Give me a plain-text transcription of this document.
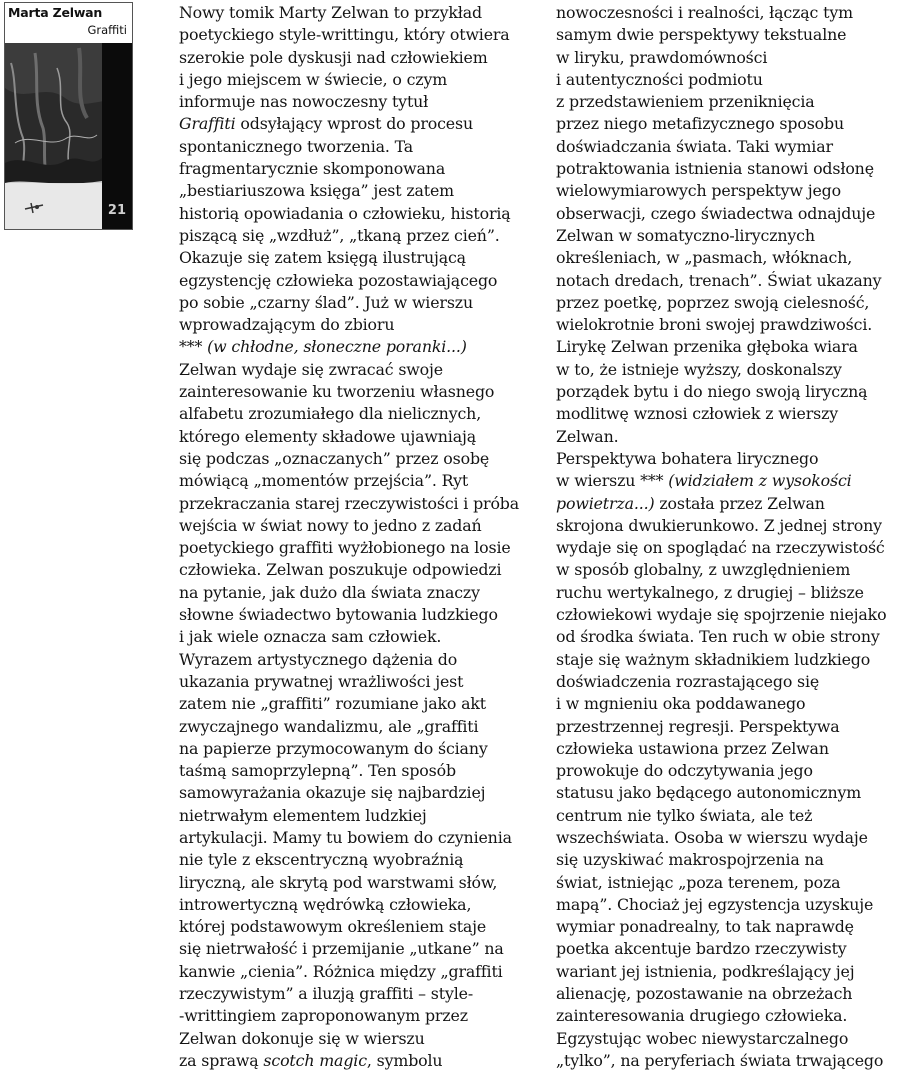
Marta Zelwan

Graffiti

21

Nowy tomik Marty Zelwan to przykład
poetyckiego style-writtingu, który otwiera
szerokie pole dyskusji nad człowiekiem
i jego miejscem w świecie, o czym
informuje nas nowoczesny tytuł
Graffiti odsyłający wprost do procesu
spontanicznego tworzenia. Ta
fragmentarycznie skomponowana
„bestiariuszowa księga” jest zatem
historią opowiadania o człowieku, historią
piszącą się „wzdłuż”, „tkaną przez cień”.
Okazuje się zatem księgą ilustrującą
egzystencję człowieka pozostawiającego
po sobie „czarny ślad”. Już w wierszu
wprowadzającym do zbioru
*** (w chłodne, słoneczne poranki...)
Zelwan wydaje się zwracać swoje
zainteresowanie ku tworzeniu własnego
alfabetu zrozumiałego dla nielicznych,
którego elementy składowe ujawniają
się podczas „oznaczanych” przez osobę
mówiącą „momentów przejścia”. Ryt
przekraczania starej rzeczywistości i próba
wejścia w świat nowy to jedno z zadań
poetyckiego graffiti wyżłobionego na losie
człowieka. Zelwan poszukuje odpowiedzi
na pytanie, jak dużo dla świata znaczy
słowne świadectwo bytowania ludzkiego
i jak wiele oznacza sam człowiek.
Wyrazem artystycznego dążenia do
ukazania prywatnej wrażliwości jest
zatem nie „graffiti” rozumiane jako akt
zwyczajnego wandalizmu, ale „graffiti
na papierze przymocowanym do ściany
taśmą samoprzylepną”. Ten sposób
samowyrażania okazuje się najbardziej
nietrwałym elementem ludzkiej
artykulacji. Mamy tu bowiem do czynienia
nie tyle z ekscentryczną wyobraźnią
liryczną, ale skrytą pod warstwami słów,
introwertyczną wędrówką człowieka,
której podstawowym określeniem staje
się nietrwałość i przemijanie „utkane” na
kanwie „cienia”. Różnica między „graffiti
rzeczywistym” a iluzją graffiti – style-
-writtingiem zaproponowanym przez
Zelwan dokonuje się w wierszu
za sprawą scotch magic, symbolu
nowoczesności i realności, łącząc tym
samym dwie perspektywy tekstualne
w liryku, prawdomówności
i autentyczności podmiotu
z przedstawieniem przeniknięcia
przez niego metafizycznego sposobu
doświadczania świata. Taki wymiar
potraktowania istnienia stanowi odsłonę
wielowymiarowych perspektyw jego
obserwacji, czego świadectwa odnajduje
Zelwan w somatyczno-lirycznych
określeniach, w „pasmach, włóknach,
notach dredach, trenach”. Świat ukazany
przez poetkę, poprzez swoją cielesność,
wielokrotnie broni swojej prawdziwości.
Lirykę Zelwan przenika głęboka wiara
w to, że istnieje wyższy, doskonalszy
porządek bytu i do niego swoją liryczną
modlitwę wznosi człowiek z wierszy
Zelwan.
Perspektywa bohatera lirycznego
w wierszu *** (widziałem z wysokości
powietrza...) została przez Zelwan
skrojona dwukierunkowo. Z jednej strony
wydaje się on spoglądać na rzeczywistość
w sposób globalny, z uwzględnieniem
ruchu wertykalnego, z drugiej – bliższe
człowiekowi wydaje się spojrzenie niejako
od środka świata. Ten ruch w obie strony
staje się ważnym składnikiem ludzkiego
doświadczenia rozrastającego się
i w mgnieniu oka poddawanego
przestrzennej regresji. Perspektywa
człowieka ustawiona przez Zelwan
prowokuje do odczytywania jego
statusu jako będącego autonomicznym
centrum nie tylko świata, ale też
wszechświata. Osoba w wierszu wydaje
się uzyskiwać makrospojrzenia na
świat, istniejąc „poza terenem, poza
mapą”. Chociaż jej egzystencja uzyskuje
wymiar ponadrealny, to tak naprawdę
poetka akcentuje bardzo rzeczywisty
wariant jej istnienia, podkreślający jej
alienację, pozostawanie na obrzeżach
zainteresowania drugiego człowieka.
Egzystując wobec niewystarczalnego
„tylko”, na peryferiach świata trwającego
